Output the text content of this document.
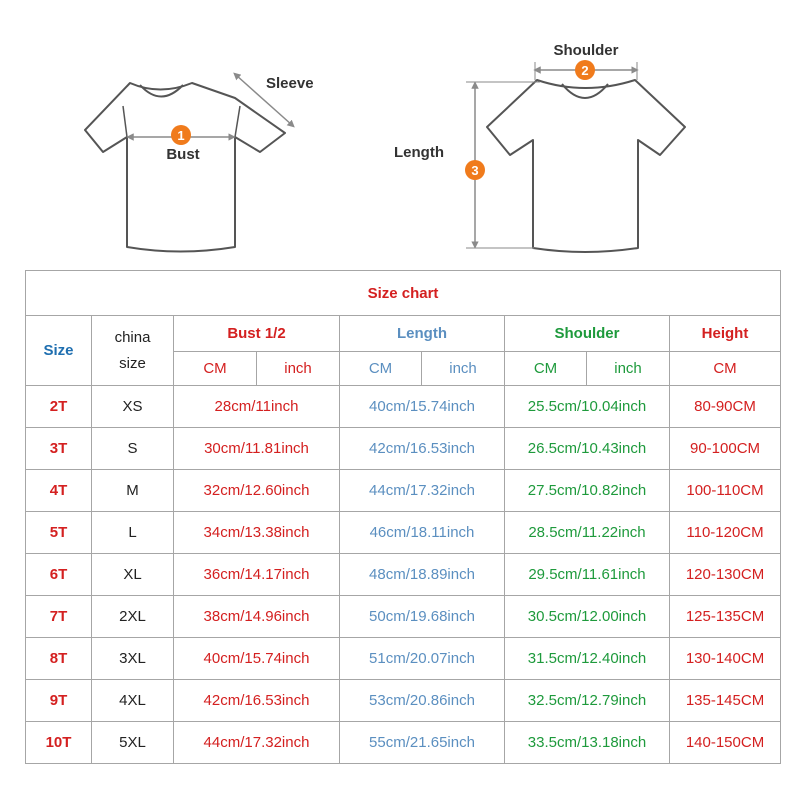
1
Bust
Sleeve
2
3
Shoulder
Length
Size chart								
Size	china size	Bust 1/2		Length		Shoulder		Height
		CM	inch	CM	inch	CM	inch	CM
2T	XS	28cm/11inch		40cm/15.74inch		25.5cm/10.04inch		80-90CM
3T	S	30cm/11.81inch		42cm/16.53inch		26.5cm/10.43inch		90-100CM
4T	M	32cm/12.60inch		44cm/17.32inch		27.5cm/10.82inch		100-110CM
5T	L	34cm/13.38inch		46cm/18.11inch		28.5cm/11.22inch		110-120CM
6T	XL	36cm/14.17inch		48cm/18.89inch		29.5cm/11.61inch		120-130CM
7T	2XL	38cm/14.96inch		50cm/19.68inch		30.5cm/12.00inch		125-135CM
8T	3XL	40cm/15.74inch		51cm/20.07inch		31.5cm/12.40inch		130-140CM
9T	4XL	42cm/16.53inch		53cm/20.86inch		32.5cm/12.79inch		135-145CM
10T	5XL	44cm/17.32inch		55cm/21.65inch		33.5cm/13.18inch		140-150CM
